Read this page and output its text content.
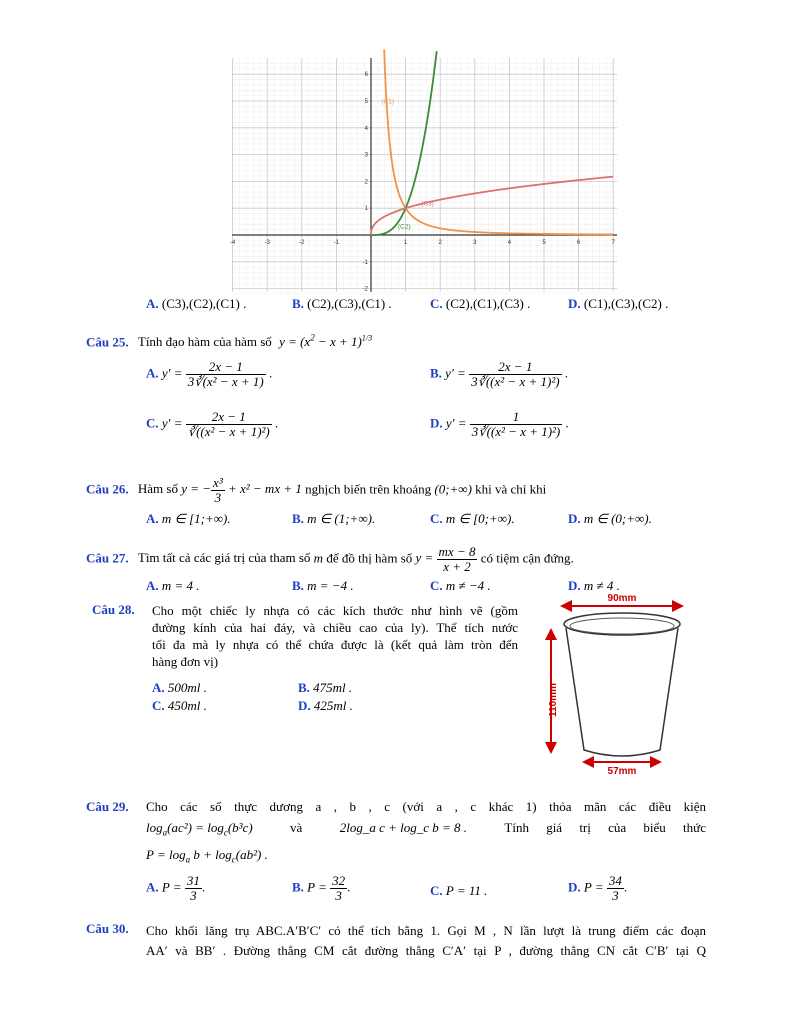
-4	-3	-2	-1	1	2	3	4	5	6	7
-2
-1
1
2
3
4
5
6
(C1)
(C2)
(C3)
A. (C3),(C2),(C1) .	B. (C2),(C3),(C1) .	C. (C2),(C1),(C3) .	D. (C1),(C3),(C2) .
Câu 25. Tính đạo hàm của hàm số $y = (x^2 - x + 1)^{1/3}$
A. $y' = \frac{2x - 1}{\text{3∛(x² − x + 1)}}$ .	B. $y' = \frac{2x - 1}{\text{3∛((x² − x + 1)²)}}$ .
C. $y' = \frac{2x - 1}{\text{∛((x² − x + 1)²)}}$ .	D. $y' = \frac{1}{\text{3∛((x² − x + 1)²)}}$ .
Câu 26. Hàm số y = − $\frac{\text{x³}}{3} + x^2$ − mx + 1 nghịch biến trên khoảng (0;+∞) khi và chỉ khi
A. m ∈ [1;+∞).	B. m ∈ (1;+∞).	C. m ∈ [0;+∞).	D. m ∈ (0;+∞).
Câu 27. Tìm tất cả các giá trị của tham số m để đồ thị hàm số $y = \frac{mx - 8}{x + 2}$ có tiệm cận đứng.
A. m = 4 .	B. m = −4 .	C. m ≠ −4 .	D. m ≠ 4 .
Câu 28. Cho một chiếc ly nhựa có các kích thước như hình vẽ (gồm
đường kính của hai đáy, và chiều cao của ly). Thể tích nước
tối đa mà ly nhựa có thể chứa được là (kết quả làm tròn đến
hàng đơn vị)
A. 500ml .	B. 475ml .
C. 450ml .	D. 425ml .
90mm
110mm
57mm
Câu 29. Cho các số thực dương a , b , c (với a , c khác 1) thỏa mãn các điều kiện
$\log_a(ac^2) = \log_c(b^3c)$	và	2log_a c + log_c b = 8 .	Tính giá trị của biểu thức
$P = \log_a b + \log_c(ab^2)$ .
A. $P = \frac{31}{3}$ .	B. $P = \frac{32}{3}$ .	C. P = 11 .	D. $P = \frac{34}{3}$ .
Câu 30. Cho khối lăng trụ ABC.A′B′C′ có thể tích bằng 1. Gọi M , N lần lượt là trung điểm các đoạn
AA′ và BB′ . Đường thẳng CM cắt đường thẳng C′A′ tại P , đường thẳng CN cắt C′B′ tại Q
